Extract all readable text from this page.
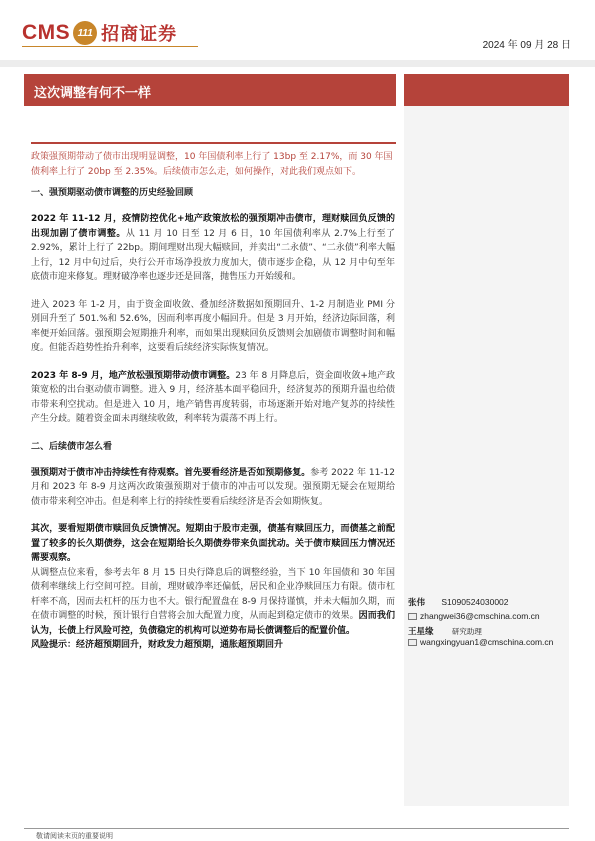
CMS 111 招商证券
2024 年 09 月 28 日
这次调整有何不一样

政策强预期带动了债市出现明显调整，10 年国债利率上行了 13bp 至 2.17%，而 30 年国债利率上行了 20bp 至 2.35%。后续债市怎么走，如何操作，对此我们观点如下。

一、强预期驱动债市调整的历史经验回顾

2022 年 11-12 月，疫情防控优化+地产政策放松的强预期冲击债市，理财赎回负反馈的出现加剧了债市调整。从 11 月 10 日至 12 月 6 日，10 年国债利率从 2.7%上行至了 2.92%，累计上行了 22bp。期间理财出现大幅赎回，并卖出“二永债”、“二永债”利率大幅上行，12 月中旬过后，央行公开市场净投放力度加大，债市逐步企稳，从 12 月中旬至年底债市迎来修复。理财破净率也逐步还是回落，抛售压力开始缓和。

进入 2023 年 1-2 月，由于资金面收敛、叠加经济数据如预期回升、1-2 月制造业 PMI 分别回升至了 501.%和 52.6%，因而利率再度小幅回升。但是 3 月开始，经济边际回落，利率便开始回落。强预期会短期推升利率，而如果出现赎回负反馈则会加剧债市调整时间和幅度。但能否趋势性抬升利率，这要看后续经济实际恢复情况。

2023 年 8-9 月，地产放松强预期带动债市调整。23 年 8 月降息后，资金面收敛+地产政策宽松的出台驱动债市调整。进入 9 月，经济基本面平稳回升，经济复苏的预期升温也给债市带来利空扰动。但是进入 10 月，地产销售再度转弱，市场逐渐开始对地产复苏的持续性产生分歧。随着资金面未再继续收敛，利率转为震荡不再上行。

二、后续债市怎么看

强预期对于债市冲击持续性有待观察。首先要看经济是否如预期修复。参考 2022 年 11-12 月和 2023 年 8-9 月这两次政策强预期对于债市的冲击可以发现。强预期无疑会在短期给债市带来利空冲击。但是利率上行的持续性要看后续经济是否会如期恢复。

其次，要看短期债市赎回负反馈情况。短期由于股市走强，债基有赎回压力，而债基之前配置了较多的长久期债券，这会在短期给长久期债券带来负面扰动。关于债市赎回压力情况还需要观察。

从调整点位来看，参考去年 8 月 15 日央行降息后的调整经验，当下 10 年国债和 30 年国债利率继续上行空间可控。目前，理财破净率还偏低，居民和企业净赎回压力有限。债市杠杆率不高，因而去杠杆的压力也不大。银行配置盘在 8-9 月保持谨慎，并未大幅加久期，而在债市调整的时候，预计银行自营将会加大配置力度，从而起到稳定债市的效果。因而我们认为，长债上行风险可控，负债稳定的机构可以逆势布局长债调整后的配置价值。

风险提示：经济超预期回升，财政发力超预期，通胀超预期回升

张伟 S1090524030002
zhangwei36@cmschina.com.cn
王星缘 研究助理
wangxingyuan1@cmschina.com.cn
敬请阅读末页的重要说明
